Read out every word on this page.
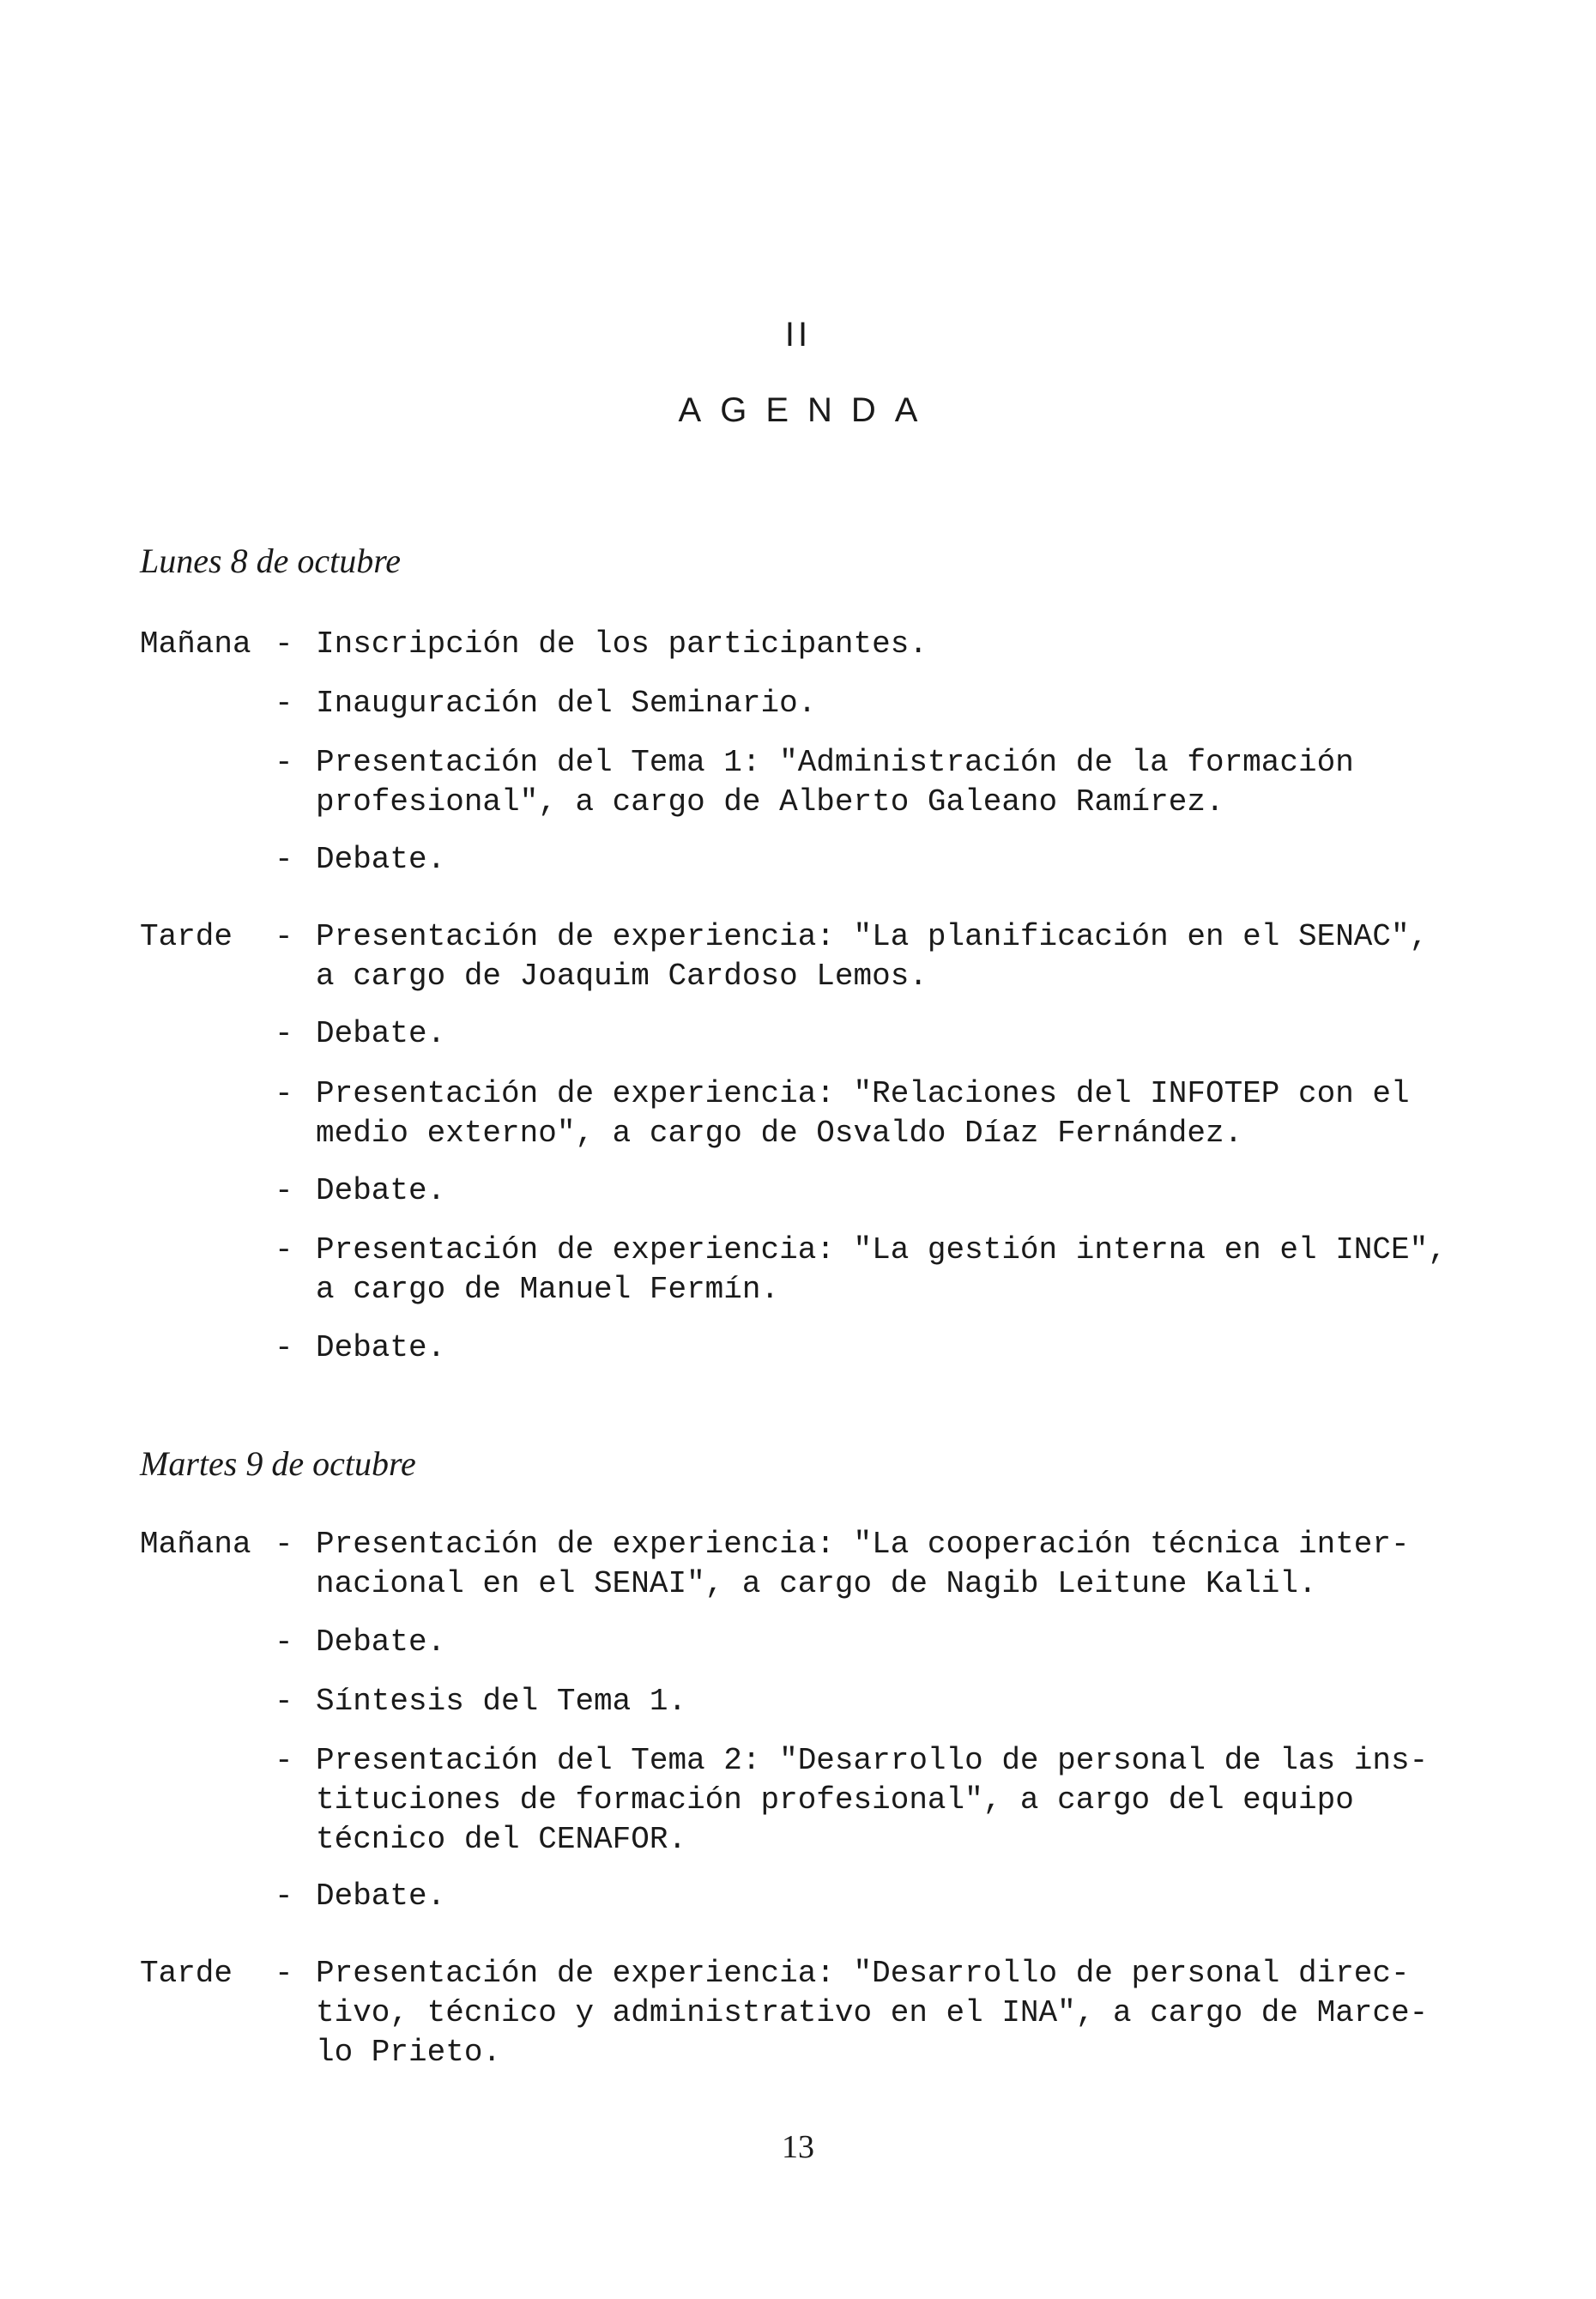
II
AGENDA
Lunes 8 de octubre
Mañana - Inscripción de los participantes.
- Inauguración del Seminario.
- Presentación del Tema 1: "Administración de la formación
profesional", a cargo de Alberto Galeano Ramírez.
- Debate.
Tarde - Presentación de experiencia: "La planificación en el SENAC",
a cargo de Joaquim Cardoso Lemos.
- Debate.
- Presentación de experiencia: "Relaciones del INFOTEP con el
medio externo", a cargo de Osvaldo Díaz Fernández.
- Debate.
- Presentación de experiencia: "La gestión interna en el INCE",
a cargo de Manuel Fermín.
- Debate.
Martes 9 de octubre
Mañana - Presentación de experiencia: "La cooperación técnica inter-
nacional en el SENAI", a cargo de Nagib Leitune Kalil.
- Debate.
- Síntesis del Tema 1.
- Presentación del Tema 2: "Desarrollo de personal de las ins-
tituciones de formación profesional", a cargo del equipo
técnico del CENAFOR.
- Debate.
Tarde - Presentación de experiencia: "Desarrollo de personal direc-
tivo, técnico y administrativo en el INA", a cargo de Marce-
lo Prieto.
13
